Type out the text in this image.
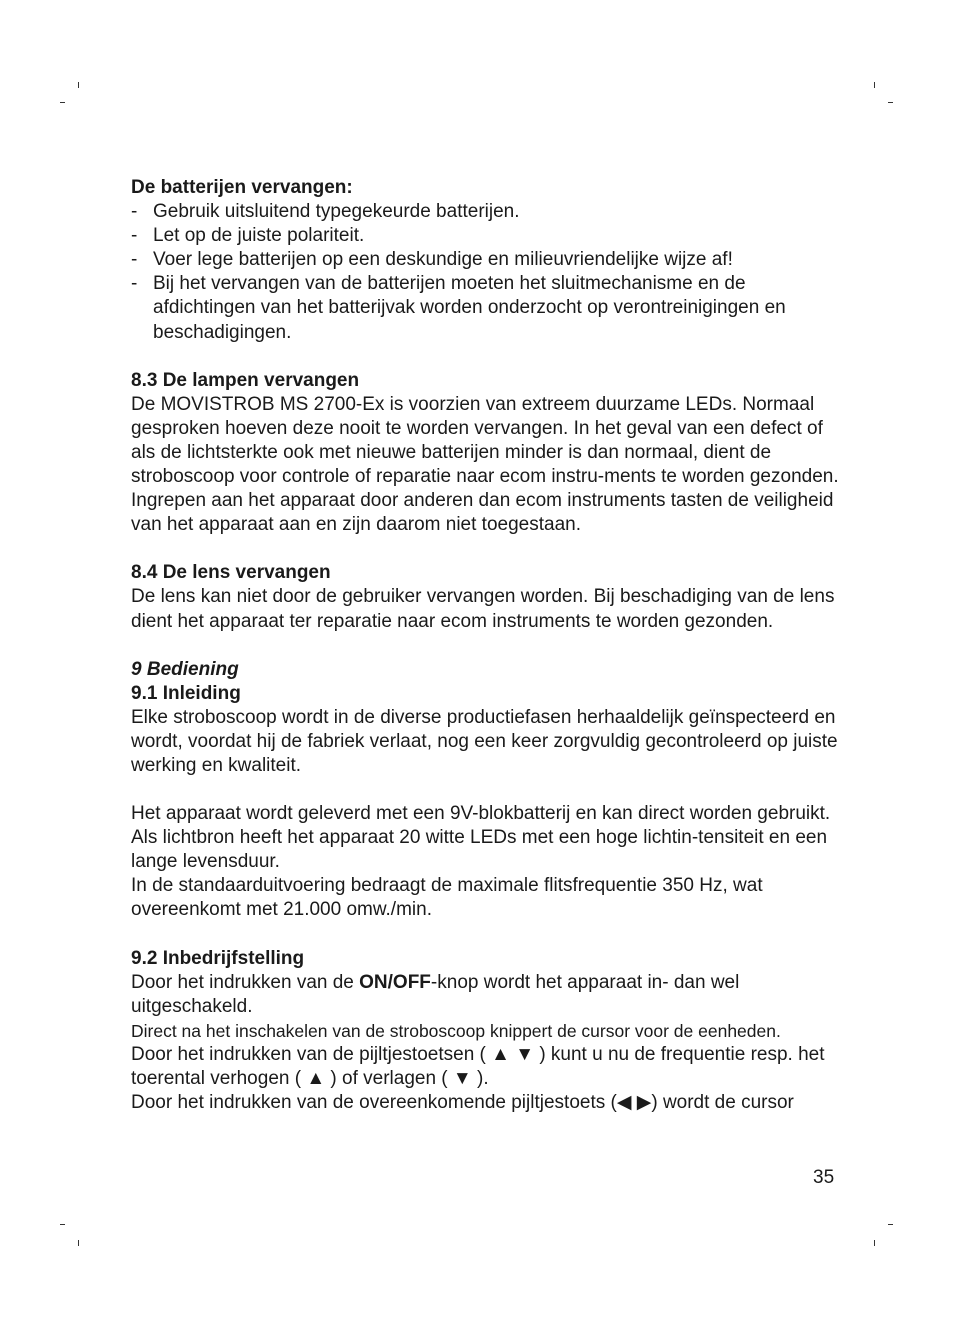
De batterijen vervangen:

- Gebruik uitsluitend typegekeurde batterijen.
- Let op de juiste polariteit.
- Voer lege batterijen op een deskundige en milieuvriendelijke wijze af!
- Bij het vervangen van de batterijen moeten het sluitmechanisme en de afdichtingen van het batterijvak worden onderzocht op verontreinigingen en beschadigingen.

8.3 De lampen vervangen

De MOVISTROB MS 2700-Ex is voorzien van extreem duurzame LEDs. Normaal gesproken hoeven deze nooit te worden vervangen. In het geval van een defect of als de lichtsterkte ook met nieuwe batterijen minder is dan normaal, dient de stroboscoop voor controle of reparatie naar ecom instru-ments te worden gezonden. Ingrepen aan het apparaat door anderen dan ecom instruments tasten de veiligheid van het apparaat aan en zijn daarom niet toegestaan.

8.4 De lens vervangen

De lens kan niet door de gebruiker vervangen worden. Bij beschadiging van de lens dient het apparaat ter reparatie naar ecom instruments te worden gezonden.

9 Bediening

9.1 Inleiding

Elke stroboscoop wordt in de diverse productiefasen herhaaldelijk geïnspecteerd en wordt, voordat hij de fabriek verlaat, nog een keer zorgvuldig gecontroleerd op juiste werking en kwaliteit.

Het apparaat wordt geleverd met een 9V-blokbatterij en kan direct worden gebruikt. Als lichtbron heeft het apparaat 20 witte LEDs met een hoge lichtin-tensiteit en een lange levensduur.

In de standaarduitvoering bedraagt de maximale flitsfrequentie 350 Hz, wat overeenkomt met 21.000 omw./min.

9.2 Inbedrijfstelling

Door het indrukken van de ON/OFF-knop wordt het apparaat in- dan wel uitgeschakeld.

Direct na het inschakelen van de stroboscoop knippert de cursor voor de eenheden.

Door het indrukken van de pijltjestoetsen ( ▲ ▼ ) kunt u nu de frequentie resp. het toerental verhogen ( ▲ ) of verlagen ( ▼ ).

Door het indrukken van de overeenkomende pijltjestoets (◀ ▶) wordt de cursor

35
